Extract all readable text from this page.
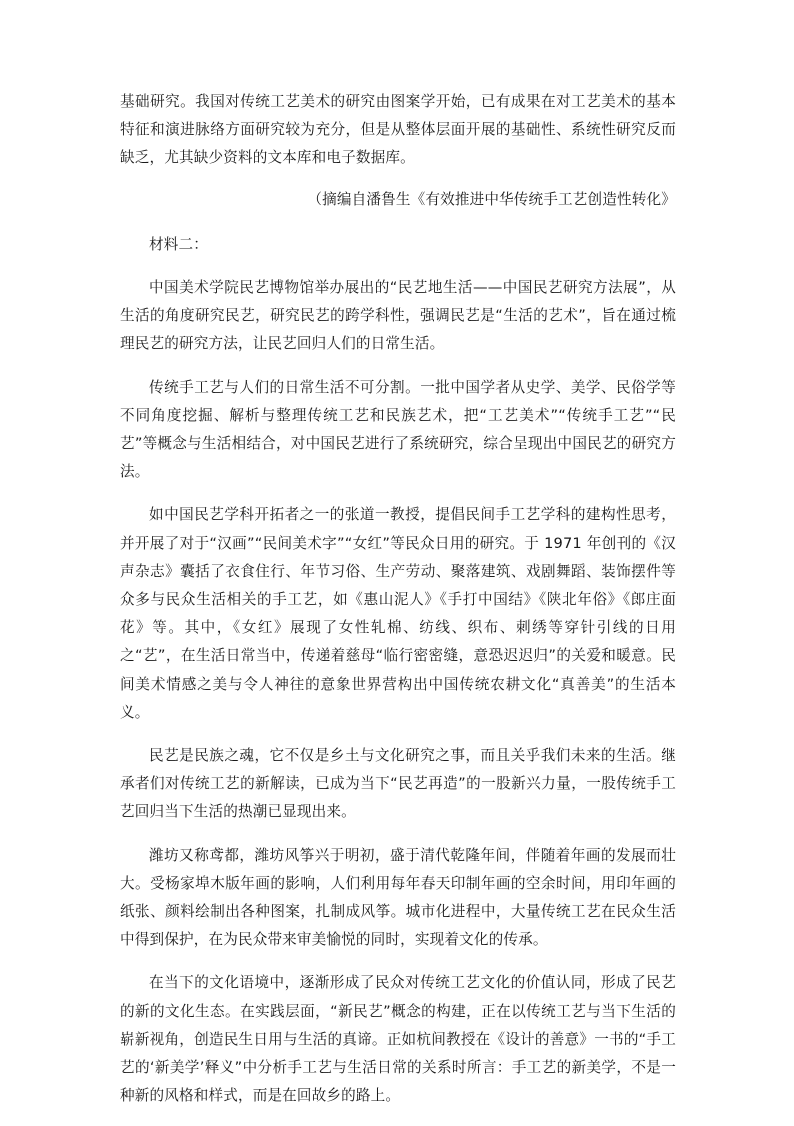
基础研究。我国对传统工艺美术的研究由图案学开始，已有成果在对工艺美术的基本特征和演进脉络方面研究较为充分，但是从整体层面开展的基础性、系统性研究反而缺乏，尤其缺少资料的文本库和电子数据库。

（摘编自潘鲁生《有效推进中华传统手工艺创造性转化》

材料二：

中国美术学院民艺博物馆举办展出的“民艺地生活——中国民艺研究方法展”，从生活的角度研究民艺，研究民艺的跨学科性，强调民艺是“生活的艺术”，旨在通过梳理民艺的研究方法，让民艺回归人们的日常生活。

传统手工艺与人们的日常生活不可分割。一批中国学者从史学、美学、民俗学等不同角度挖掘、解析与整理传统工艺和民族艺术，把“工艺美术”“传统手工艺”“民艺”等概念与生活相结合，对中国民艺进行了系统研究，综合呈现出中国民艺的研究方法。

如中国民艺学科开拓者之一的张道一教授，提倡民间手工艺学科的建构性思考，并开展了对于“汉画”“民间美术字”“女红”等民众日用的研究。于 1971 年创刊的《汉声杂志》囊括了衣食住行、年节习俗、生产劳动、聚落建筑、戏剧舞蹈、装饰摆件等众多与民众生活相关的手工艺，如《惠山泥人》《手打中国结》《陕北年俗》《郎庄面花》等。其中，《女红》展现了女性轧棉、纺线、织布、刺绣等穿针引线的日用之“艺”，在生活日常当中，传递着慈母“临行密密缝，意恐迟迟归”的关爱和暖意。民间美术情感之美与令人神往的意象世界营构出中国传统农耕文化“真善美”的生活本义。

民艺是民族之魂，它不仅是乡土与文化研究之事，而且关乎我们未来的生活。继承者们对传统工艺的新解读，已成为当下“民艺再造”的一股新兴力量，一股传统手工艺回归当下生活的热潮已显现出来。

潍坊又称鸢都，潍坊风筝兴于明初，盛于清代乾隆年间，伴随着年画的发展而壮大。受杨家埠木版年画的影响，人们利用每年春天印制年画的空余时间，用印年画的纸张、颜料绘制出各种图案，扎制成风筝。城市化进程中，大量传统工艺在民众生活中得到保护，在为民众带来审美愉悦的同时，实现着文化的传承。

在当下的文化语境中，逐渐形成了民众对传统工艺文化的价值认同，形成了民艺的新的文化生态。在实践层面，“新民艺”概念的构建，正在以传统工艺与当下生活的崭新视角，创造民生日用与生活的真谛。正如杭间教授在《设计的善意》一书的“手工艺的‘新美学’释义”中分析手工艺与生活日常的关系时所言：手工艺的新美学，不是一种新的风格和样式，而是在回故乡的路上。
